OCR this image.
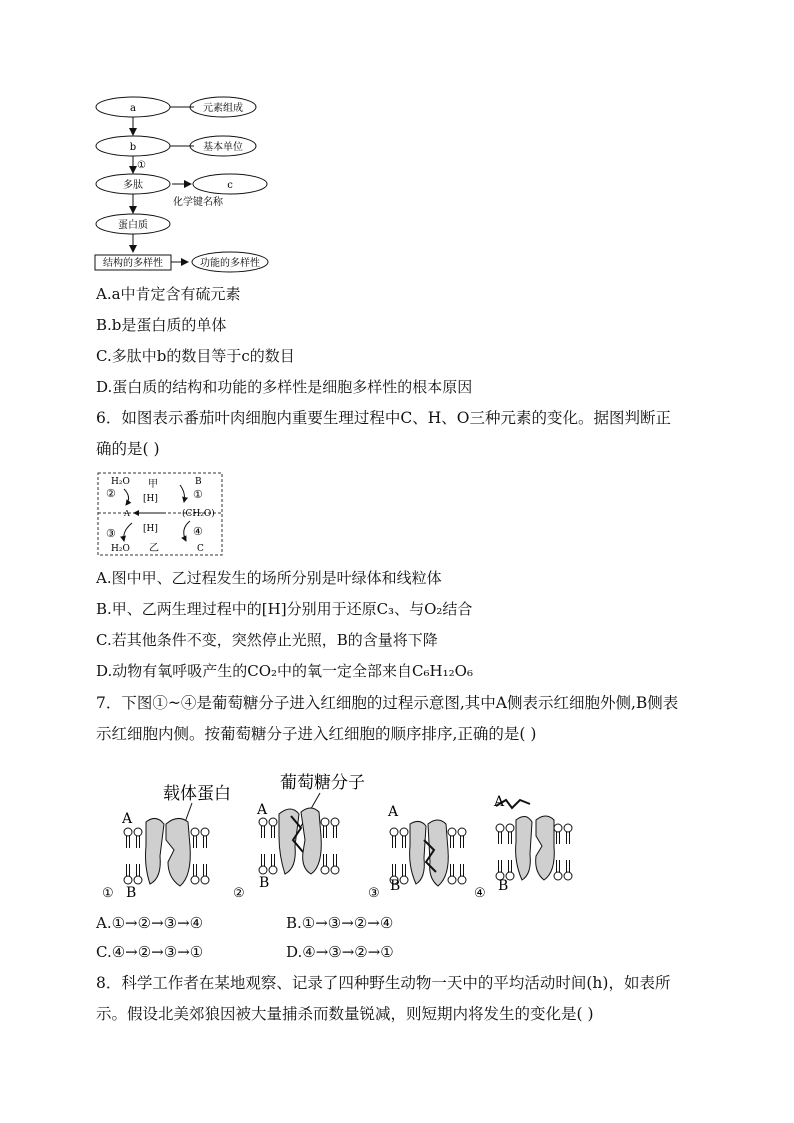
a	元素组成
b	基本单位
①
多肽	c
化学键名称
蛋白质
结构的多样性	功能的多样性
A.a中肯定含有硫元素
B.b是蛋白质的单体
C.多肽中b的数目等于c的数目
D.蛋白质的结构和功能的多样性是细胞多样性的根本原因
6．如图表示番茄叶肉细胞内重要生理过程中C、H、O三种元素的变化。据图判断正
确的是( )
H₂O 甲	B
②	[H]	①
A	(CH₂O)
③	[H]	④
H₂O 乙	C
A.图中甲、乙过程发生的场所分别是叶绿体和线粒体
B.甲、乙两生理过程中的[H]分别用于还原C₃、与O₂结合
C.若其他条件不变，突然停止光照，B的含量将下降
D.动物有氧呼吸产生的CO₂中的氧一定全部来自C₆H₁₂O₆
7．下图①~④是葡萄糖分子进入红细胞的过程示意图,其中A侧表示红细胞外侧,B侧表
示红细胞内侧。按葡萄糖分子进入红细胞的顺序排序,正确的是( )
载体蛋白
葡萄糖分子
A
① B
A
②
B
A
③ B
A
④ B
A.①→②→③→④	B.①→③→②→④
C.④→②→③→①	D.④→③→②→①
8．科学工作者在某地观察、记录了四种野生动物一天中的平均活动时间(h)，如表所
示。假设北美郊狼因被大量捕杀而数量锐减，则短期内将发生的变化是( )
